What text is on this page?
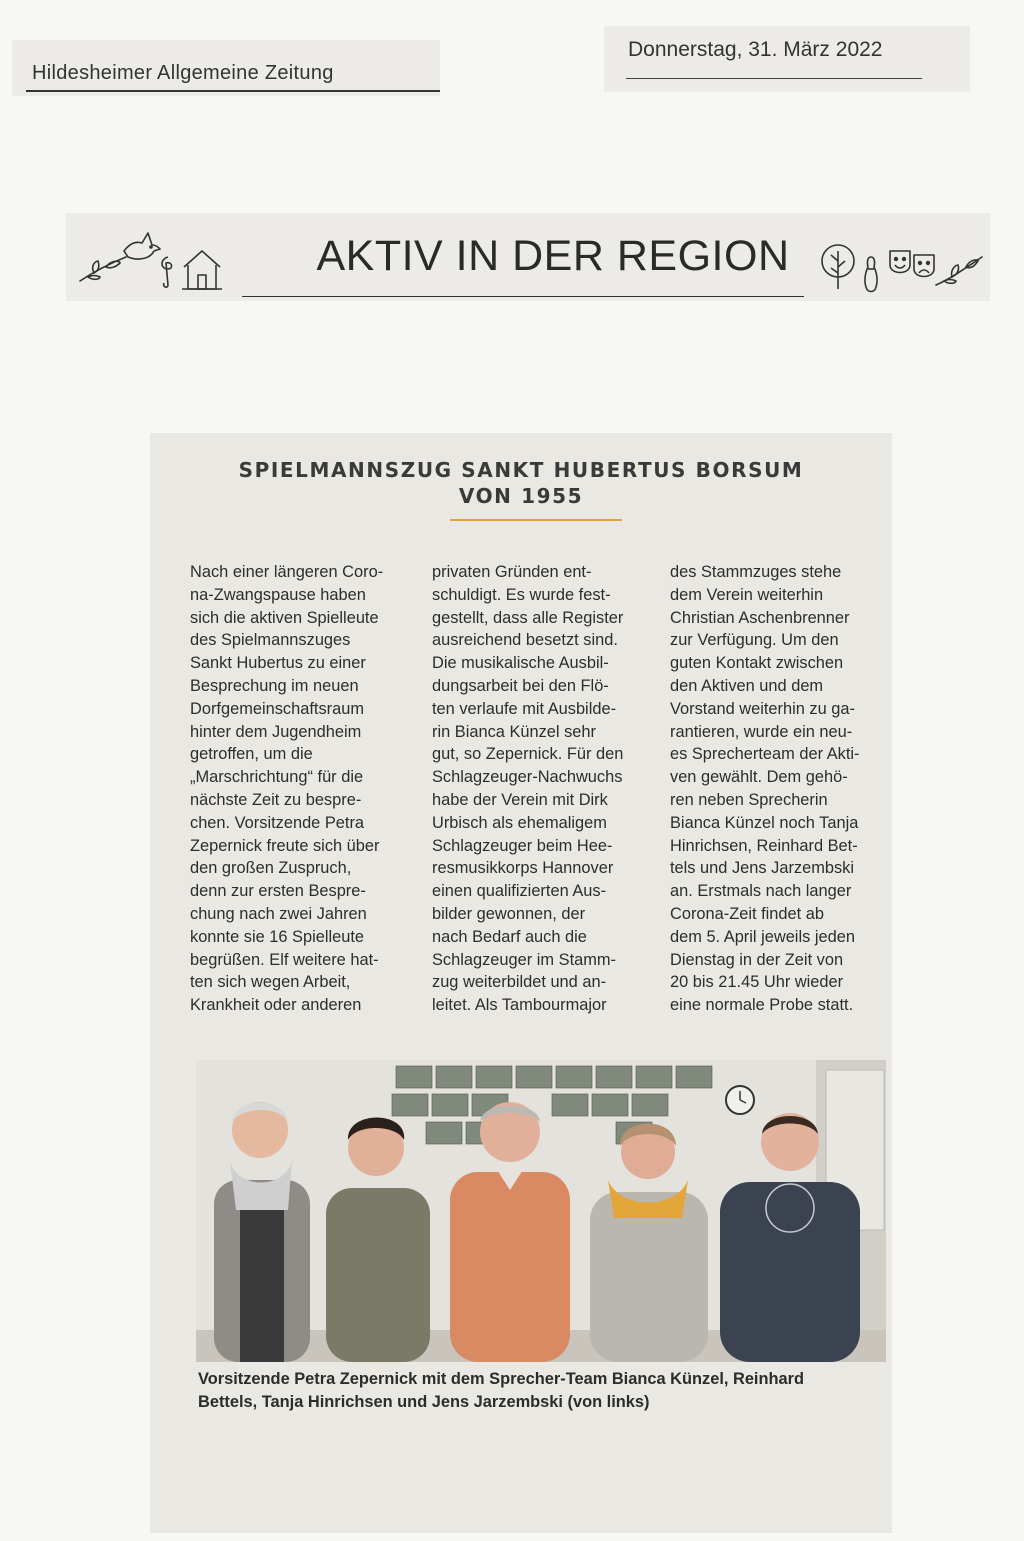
Hildesheimer Allgemeine Zeitung
Donnerstag, 31. März 2022
AKTIV IN DER REGION
SPIELMANNSZUG SANKT HUBERTUS BORSUM
VON 1955

Nach einer längeren Coro-

na-Zwangspause haben

sich die aktiven Spielleute

des Spielmannszuges

Sankt Hubertus zu einer

Besprechung im neuen

Dorfgemeinschaftsraum

hinter dem Jugendheim

getroffen, um die

„Marschrichtung“ für die

nächste Zeit zu bespre-

chen. Vorsitzende Petra

Zepernick freute sich über

den großen Zuspruch,

denn zur ersten Bespre-

chung nach zwei Jahren

konnte sie 16 Spielleute

begrüßen. Elf weitere hat-

ten sich wegen Arbeit,

Krankheit oder anderen

privaten Gründen ent-

schuldigt. Es wurde fest-

gestellt, dass alle Register

ausreichend besetzt sind.

Die musikalische Ausbil-

dungsarbeit bei den Flö-

ten verlaufe mit Ausbilde-

rin Bianca Künzel sehr

gut, so Zepernick. Für den

Schlagzeuger-Nachwuchs

habe der Verein mit Dirk

Urbisch als ehemaligem

Schlagzeuger beim Hee-

resmusikkorps Hannover

einen qualifizierten Aus-

bilder gewonnen, der

nach Bedarf auch die

Schlagzeuger im Stamm-

zug weiterbildet und an-

leitet. Als Tambourmajor

des Stammzuges stehe

dem Verein weiterhin

Christian Aschenbrenner

zur Verfügung. Um den

guten Kontakt zwischen

den Aktiven und dem

Vorstand weiterhin zu ga-

rantieren, wurde ein neu-

es Sprecherteam der Akti-

ven gewählt. Dem gehö-

ren neben Sprecherin

Bianca Künzel noch Tanja

Hinrichsen, Reinhard Bet-

tels und Jens Jarzembski

an. Erstmals nach langer

Corona-Zeit findet ab

dem 5. April jeweils jeden

Dienstag in der Zeit von

20 bis 21.45 Uhr wieder

eine normale Probe statt.

Vorsitzende Petra Zepernick mit dem Sprecher-Team Bianca Künzel, Reinhard

Bettels, Tanja Hinrichsen und Jens Jarzembski (von links)
